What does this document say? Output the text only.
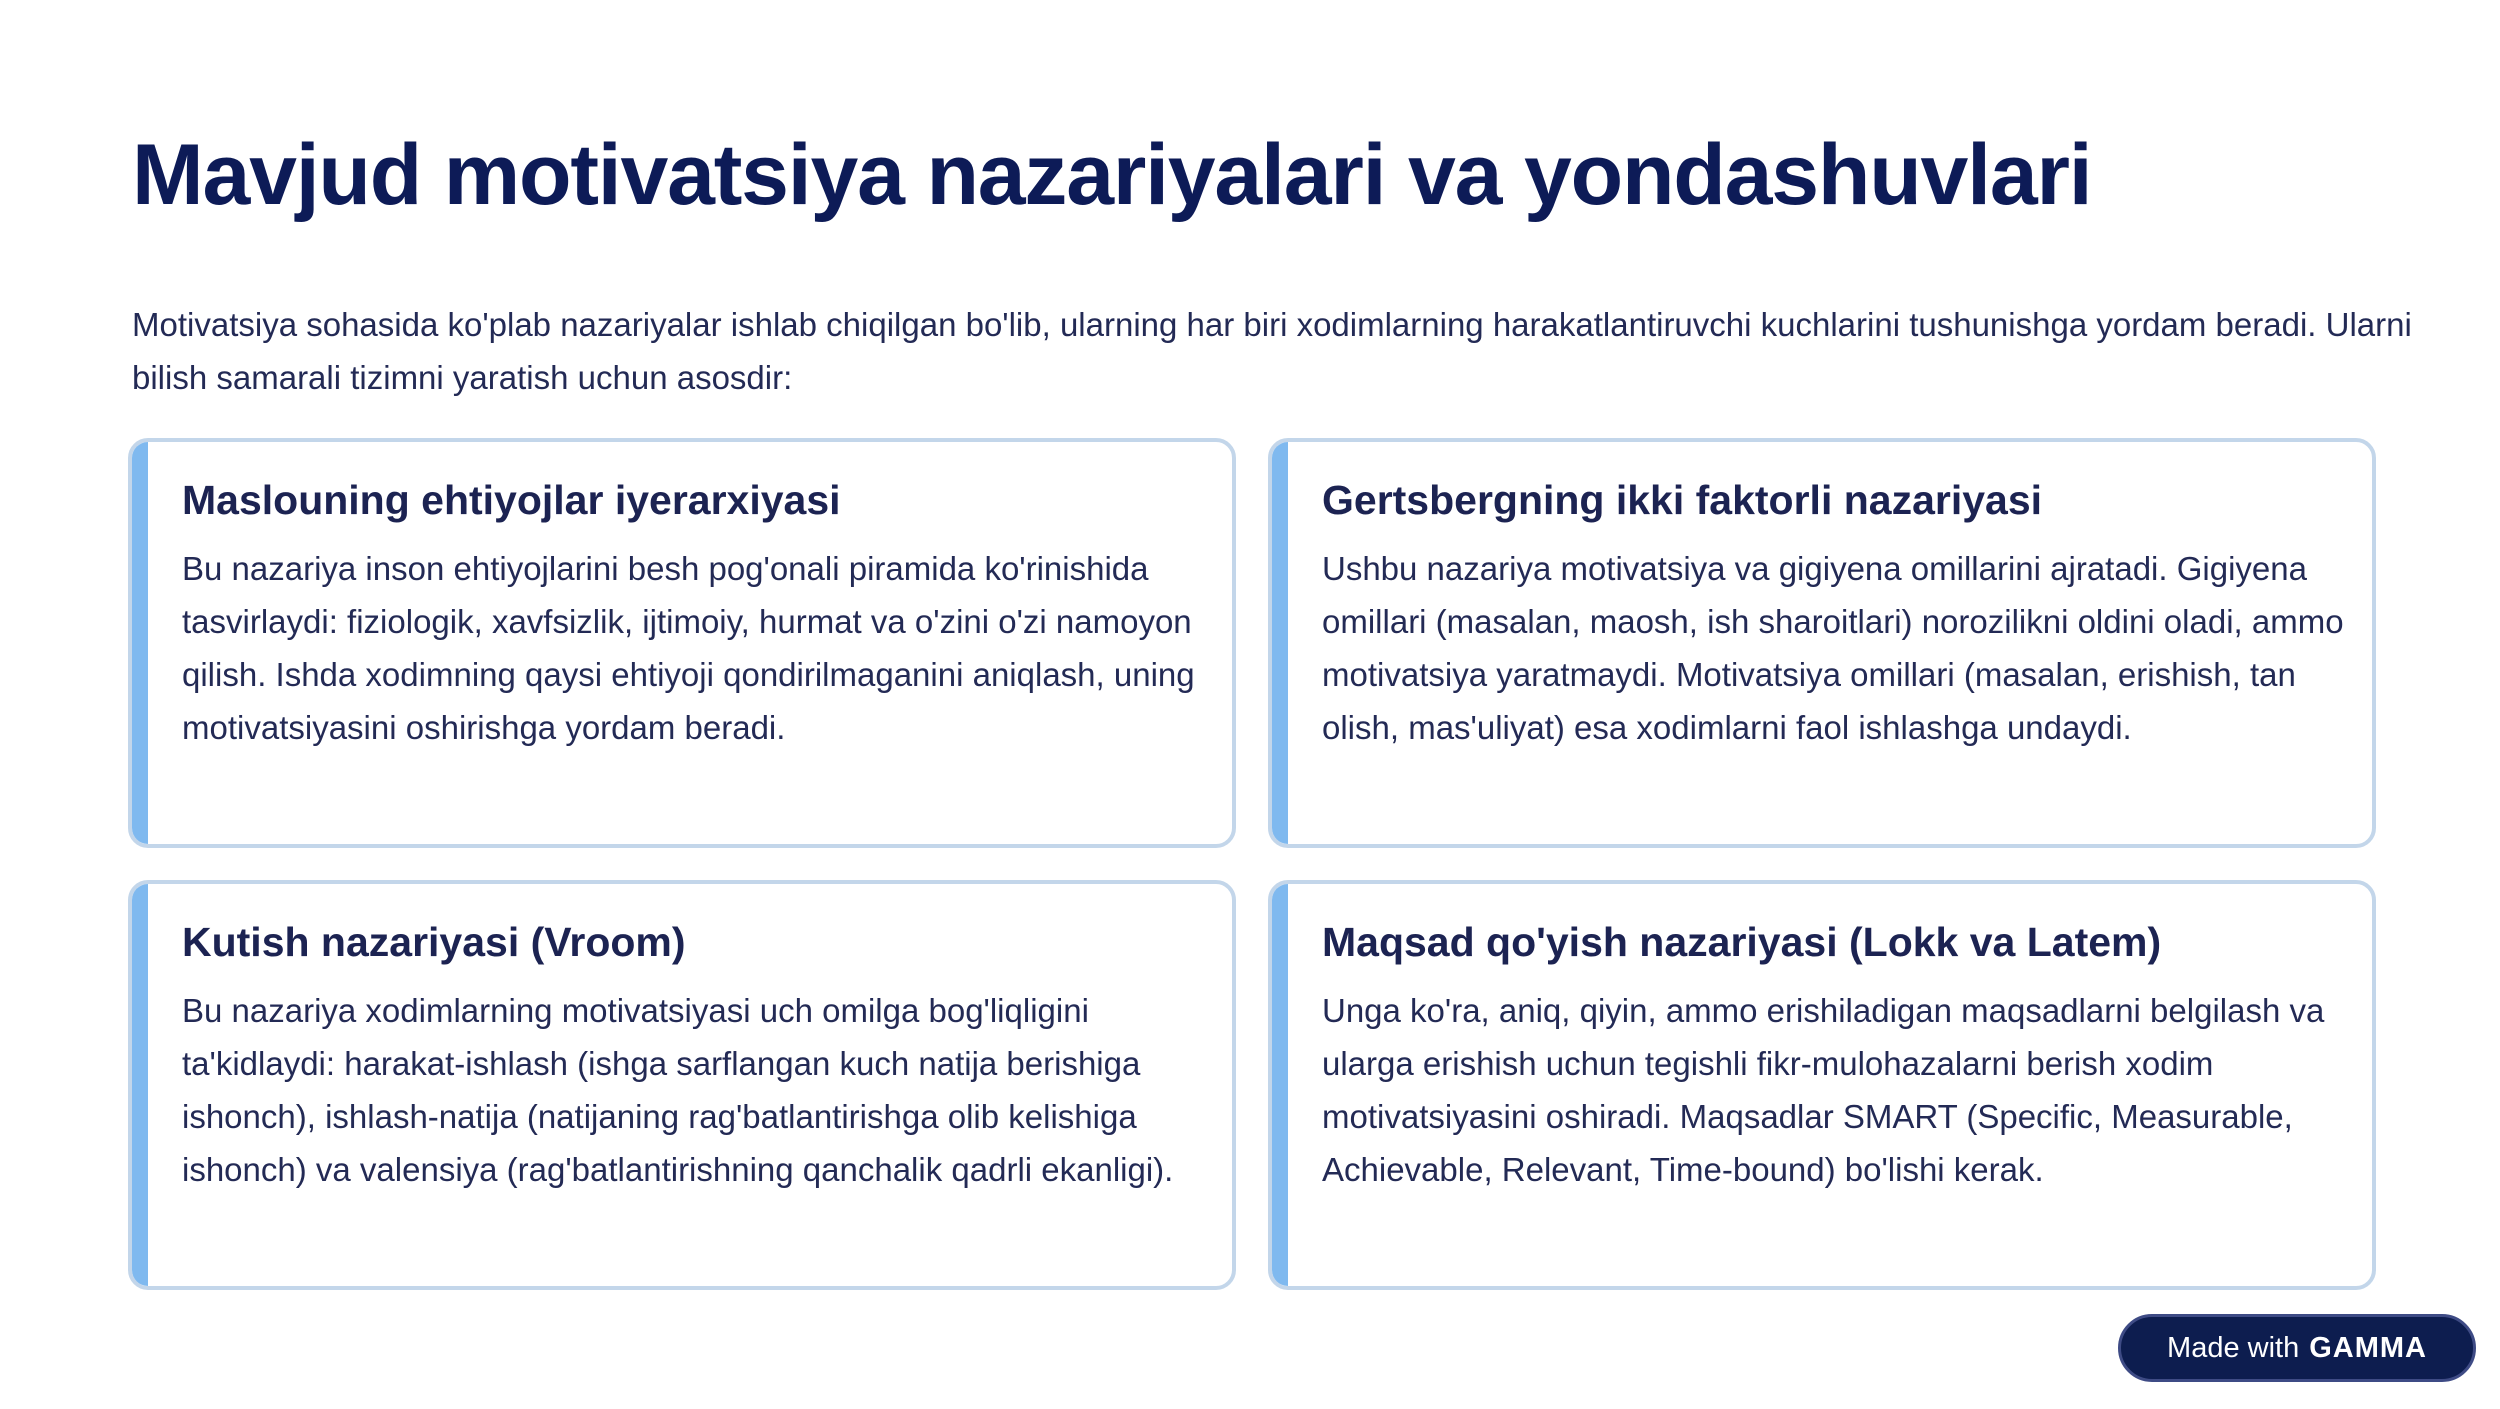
Mavjud motivatsiya nazariyalari va yondashuvlari

Motivatsiya sohasida ko'plab nazariyalar ishlab chiqilgan bo'lib, ularning har biri xodimlarning harakatlantiruvchi kuchlarini tushunishga yordam beradi. Ularni bilish samarali tizimni yaratish uchun asosdir:

Maslouning ehtiyojlar iyerarxiyasi

Bu nazariya inson ehtiyojlarini besh pog'onali piramida ko'rinishida tasvirlaydi: fiziologik, xavfsizlik, ijtimoiy, hurmat va o'zini o'zi namoyon qilish. Ishda xodimning qaysi ehtiyoji qondirilmaganini aniqlash, uning motivatsiyasini oshirishga yordam beradi.

Gertsbergning ikki faktorli nazariyasi

Ushbu nazariya motivatsiya va gigiyena omillarini ajratadi. Gigiyena omillari (masalan, maosh, ish sharoitlari) norozilikni oldini oladi, ammo motivatsiya yaratmaydi. Motivatsiya omillari (masalan, erishish, tan olish, mas'uliyat) esa xodimlarni faol ishlashga undaydi.

Kutish nazariyasi (Vroom)

Bu nazariya xodimlarning motivatsiyasi uch omilga bog'liqligini ta'kidlaydi: harakat-ishlash (ishga sarflangan kuch natija berishiga ishonch), ishlash-natija (natijaning rag'batlantirishga olib kelishiga ishonch) va valensiya (rag'batlantirishning qanchalik qadrli ekanligi).

Maqsad qo'yish nazariyasi (Lokk va Latem)

Unga ko'ra, aniq, qiyin, ammo erishiladigan maqsadlarni belgilash va ularga erishish uchun tegishli fikr-mulohazalarni berish xodim motivatsiyasini oshiradi. Maqsadlar SMART (Specific, Measurable, Achievable, Relevant, Time-bound) bo'lishi kerak.

Made with GAMMA
